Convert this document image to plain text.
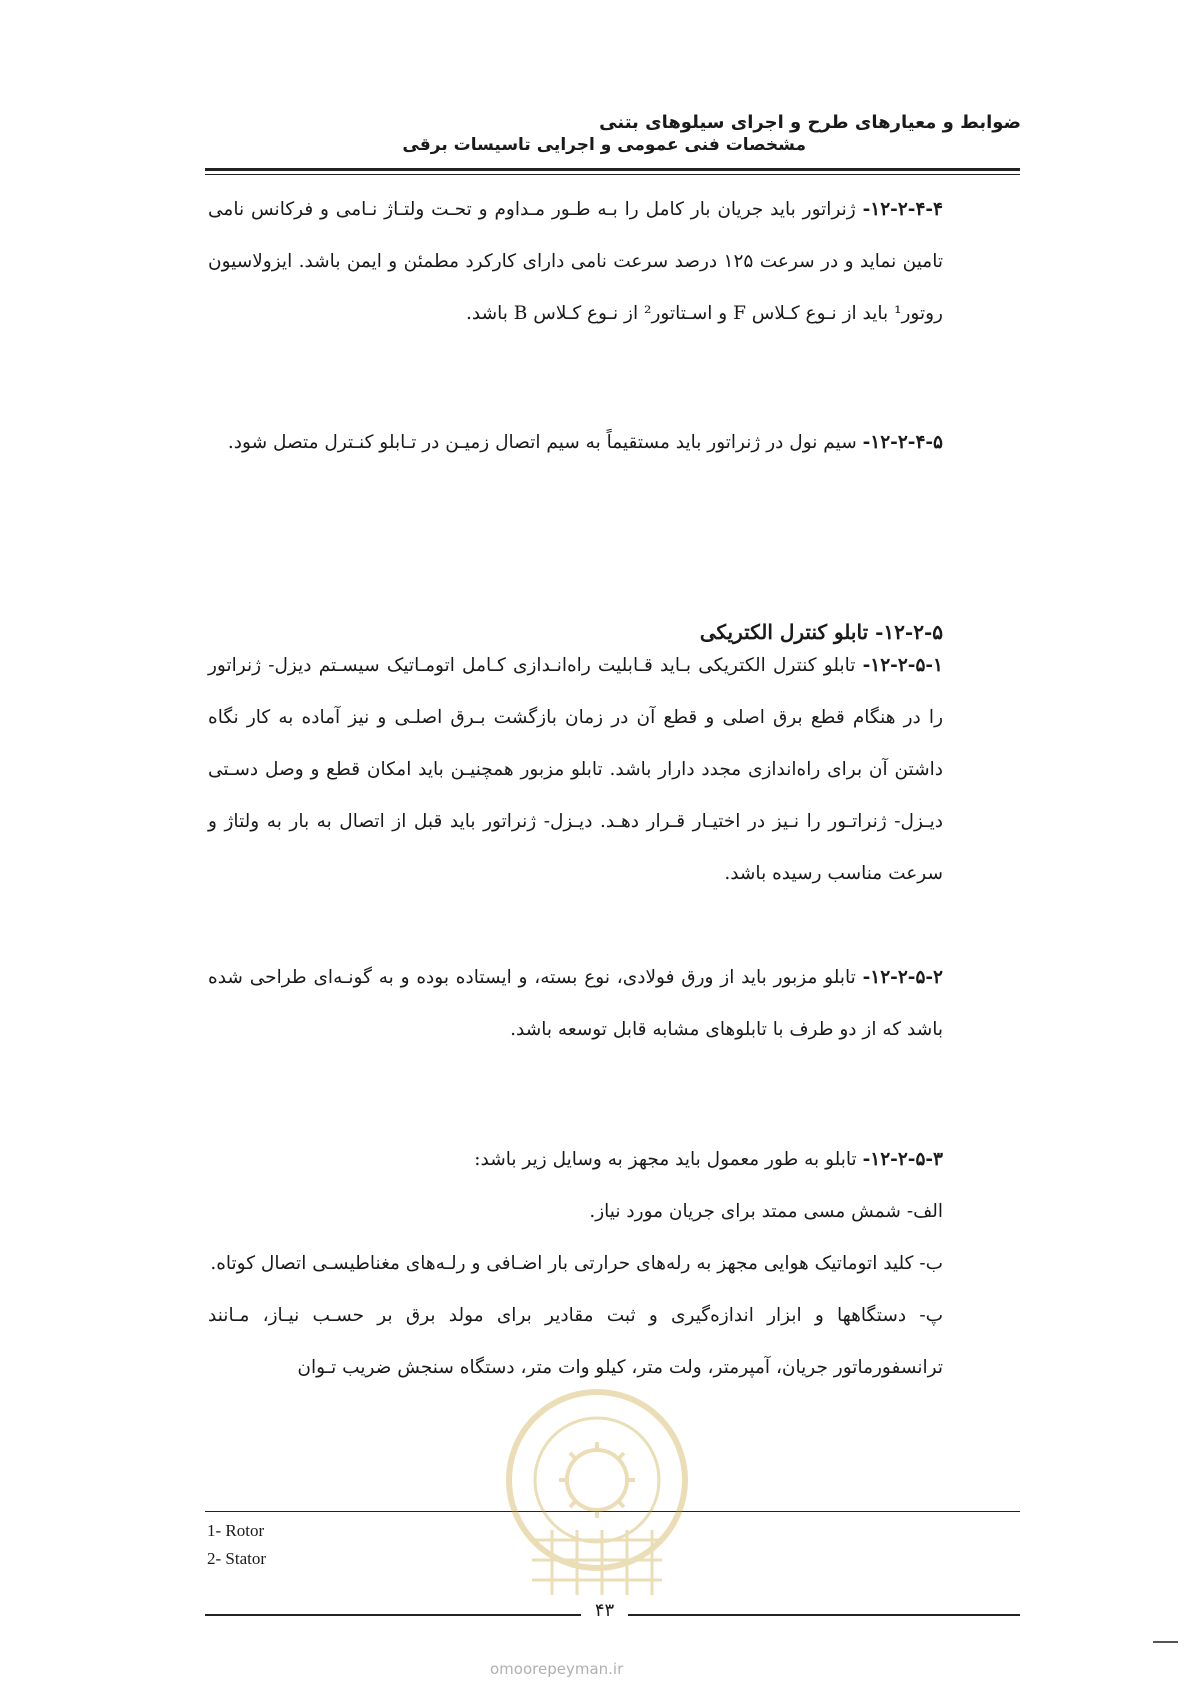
ضوابط و معیارهای طرح و اجرای سیلوهای بتنی
مشخصات فنی عمومی و اجرایی تاسیسات برقی

۱۲-۲-۴-۴- ژنراتور باید جریان بار کامل را بـه طـور مـداوم و تحـت ولتـاژ نـامی و فرکانس نامی تامین نماید و در سرعت ۱۲۵ درصد سرعت نامی دارای کارکرد مطمئن و ایمن باشد. ایزولاسیون روتور¹ باید از نـوع کـلاس F و اسـتاتور² از نـوع کـلاس B باشد.

۱۲-۲-۴-۵- سیم نول در ژنراتور باید مستقیماً به سیم اتصال زمیـن در تـابلو کنـترل متصل شود.

۱۲-۲-۵- تابلو کنترل الکتریکی

۱۲-۲-۵-۱- تابلو کنترل الکتریکی بـاید قـابلیت راه‌انـدازی کـامل اتومـاتیک سیسـتم دیزل- ژنراتور را در هنگام قطع برق اصلی و قطع آن در زمان بازگشت بـرق اصلـی و نیز آماده به کار نگاه داشتن آن برای راه‌اندازی مجدد دارار باشد. تابلو مزبور همچنیـن باید امکان قطع و وصل دسـتی دیـزل- ژنراتـور را نـیز در اختیـار قـرار دهـد. دیـزل- ژنراتور باید قبل از اتصال به بار به ولتاژ و سرعت مناسب رسیده باشد.

۱۲-۲-۵-۲- تابلو مزبور باید از ورق فولادی، نوع بسته، و ایستاده بوده و به گونـه‌ای طراحی شده باشد که از دو طرف با تابلوهای مشابه قابل توسعه باشد.

۱۲-۲-۵-۳- تابلو به طور معمول باید مجهز به وسایل زیر باشد:

الف- شمش مسی ممتد برای جریان مورد نیاز.

ب- کلید اتوماتیک هوایی مجهز به رله‌های حرارتی بار اضـافی و رلـه‌های مغناطیسـی اتصال کوتاه.

پ- دستگاهها و ابزار اندازه‌گیری و ثبت مقادیر برای مولد برق بر حسـب نیـاز، مـانند ترانسفورماتور جریان، آمپرمتر، ولت متر، کیلو وات متر، دستگاه سنجش ضریب تـوان

1- Rotor
2- Stator
۴۳
omoorepeyman.ir
